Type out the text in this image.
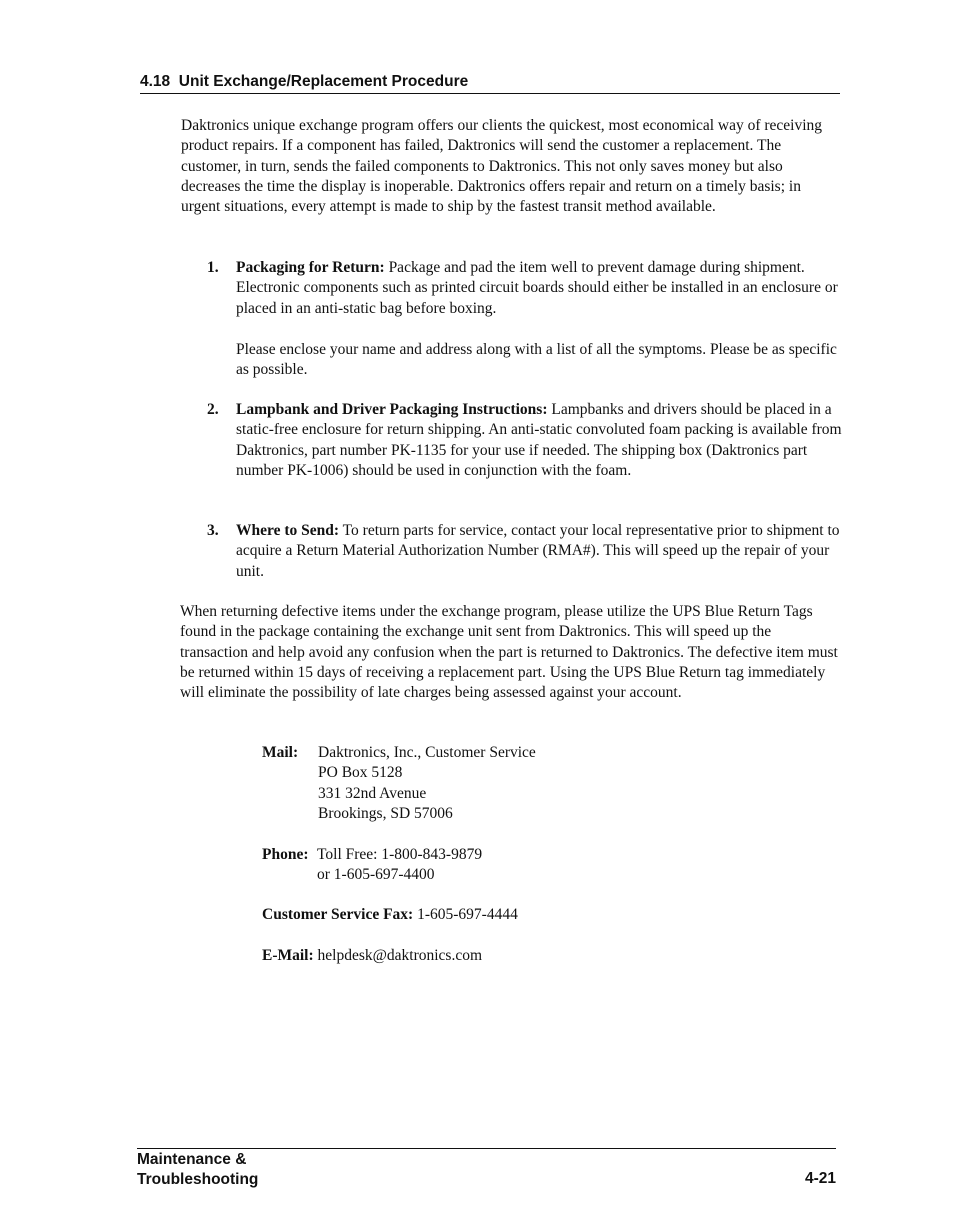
4.18 Unit Exchange/Replacement Procedure

Daktronics unique exchange program offers our clients the quickest, most economical way of receiving product repairs. If a component has failed, Daktronics will send the customer a replacement. The customer, in turn, sends the failed components to Daktronics. This not only saves money but also decreases the time the display is inoperable. Daktronics offers repair and return on a timely basis; in urgent situations, every attempt is made to ship by the fastest transit method available.

1. Packaging for Return: Package and pad the item well to prevent damage during shipment. Electronic components such as printed circuit boards should either be installed in an enclosure or placed in an anti-static bag before boxing.

Please enclose your name and address along with a list of all the symptoms. Please be as specific as possible.

2. Lampbank and Driver Packaging Instructions: Lampbanks and drivers should be placed in a static-free enclosure for return shipping. An anti-static convoluted foam packing is available from Daktronics, part number PK-1135 for your use if needed. The shipping box (Daktronics part number PK-1006) should be used in conjunction with the foam.
3. Where to Send: To return parts for service, contact your local representative prior to shipment to acquire a Return Material Authorization Number (RMA#). This will speed up the repair of your unit.

When returning defective items under the exchange program, please utilize the UPS Blue Return Tags found in the package containing the exchange unit sent from Daktronics. This will speed up the transaction and help avoid any confusion when the part is returned to Daktronics. The defective item must be returned within 15 days of receiving a replacement part. Using the UPS Blue Return tag immediately will eliminate the possibility of late charges being assessed against your account.

Mail: Daktronics, Inc., Customer Service
PO Box 5128
331 32nd Avenue
Brookings, SD 57006
Phone: Toll Free: 1-800-843-9879
or 1-605-697-4400
Customer Service Fax: 1-605-697-4444
E-Mail: helpdesk@daktronics.com
Maintenance &
Troubleshooting	4-21
